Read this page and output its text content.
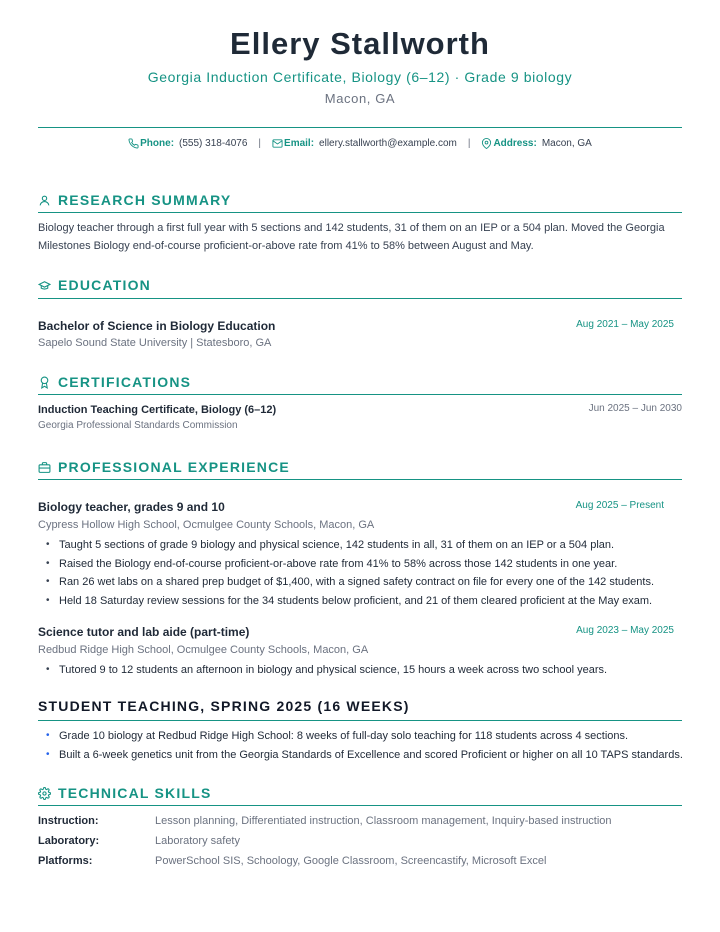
Ellery Stallworth
Georgia Induction Certificate, Biology (6–12) · Grade 9 biology
Macon, GA
Phone: (555) 318-4076 | Email: ellery.stallworth@example.com | Address: Macon, GA
RESEARCH SUMMARY
Biology teacher through a first full year with 5 sections and 142 students, 31 of them on an IEP or a 504 plan. Moved the Georgia Milestones Biology end-of-course proficient-or-above rate from 41% to 58% between August and May.
EDUCATION
Bachelor of Science in Biology Education	Aug 2021 – May 2025
Sapelo Sound State University | Statesboro, GA
CERTIFICATIONS
Induction Teaching Certificate, Biology (6–12)	Jun 2025 – Jun 2030
Georgia Professional Standards Commission
PROFESSIONAL EXPERIENCE
Biology teacher, grades 9 and 10	Aug 2025 – Present
Cypress Hollow High School, Ocmulgee County Schools, Macon, GA
• Taught 5 sections of grade 9 biology and physical science, 142 students in all, 31 of them on an IEP or a 504 plan.
• Raised the Biology end-of-course proficient-or-above rate from 41% to 58% across those 142 students in one year.
• Ran 26 wet labs on a shared prep budget of $1,400, with a signed safety contract on file for every one of the 142 students.
• Held 18 Saturday review sessions for the 34 students below proficient, and 21 of them cleared proficient at the May exam.
Science tutor and lab aide (part-time)	Aug 2023 – May 2025
Redbud Ridge High School, Ocmulgee County Schools, Macon, GA
• Tutored 9 to 12 students an afternoon in biology and physical science, 15 hours a week across two school years.
STUDENT TEACHING, SPRING 2025 (16 WEEKS)
• Grade 10 biology at Redbud Ridge High School: 8 weeks of full-day solo teaching for 118 students across 4 sections.
• Built a 6-week genetics unit from the Georgia Standards of Excellence and scored Proficient or higher on all 10 TAPS standards.
TECHNICAL SKILLS
Instruction:	Lesson planning, Differentiated instruction, Classroom management, Inquiry-based instruction
Laboratory:	Laboratory safety
Platforms:	PowerSchool SIS, Schoology, Google Classroom, Screencastify, Microsoft Excel
